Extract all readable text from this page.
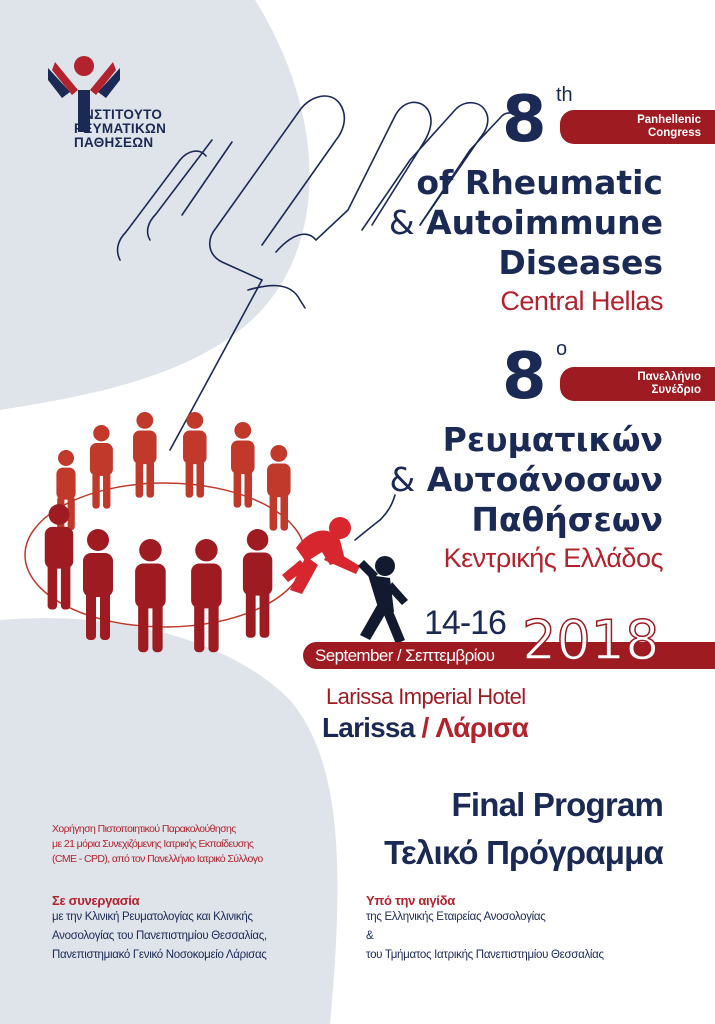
ΙΝΣΤΙΤΟΥΤΟ
ΡΕΥΜΑΤΙΚΩΝ
ΠΑΘΗΣΕΩΝ	8 th
Panhellenic
Congress
of Rheumatic
& Autoimmune
Diseases
Central Hellas
8 ο
Πανελλήνιο
Συνέδριο
Ρευματικών
& Αυτοάνοσων
Παθήσεων
Κεντρικής Ελλάδος
14-16
September / Σεπτεμβρίου 2018
Larissa Imperial Hotel
Larissa / Λάρισα
Final Program
Τελικό Πρόγραμμα
Χορήγηση Πιστοποιητικού Παρακολούθησης
με 21 μόρια Συνεχιζόμενης Ιατρικής Εκπαίδευσης
(CME - CPD), από τον Πανελλήνιο Ιατρικό Σύλλογο
Σε συνεργασία
με την Κλινική Ρευματολογίας και Κλινικής
Ανοσολογίας του Πανεπιστημίου Θεσσαλίας,
Πανεπιστημιακό Γενικό Νοσοκομείο Λάρισας
Υπό την αιγίδα
της Ελληνικής Εταιρείας Ανοσολογίας
&
του Τμήματος Ιατρικής Πανεπιστημίου Θεσσαλίας
